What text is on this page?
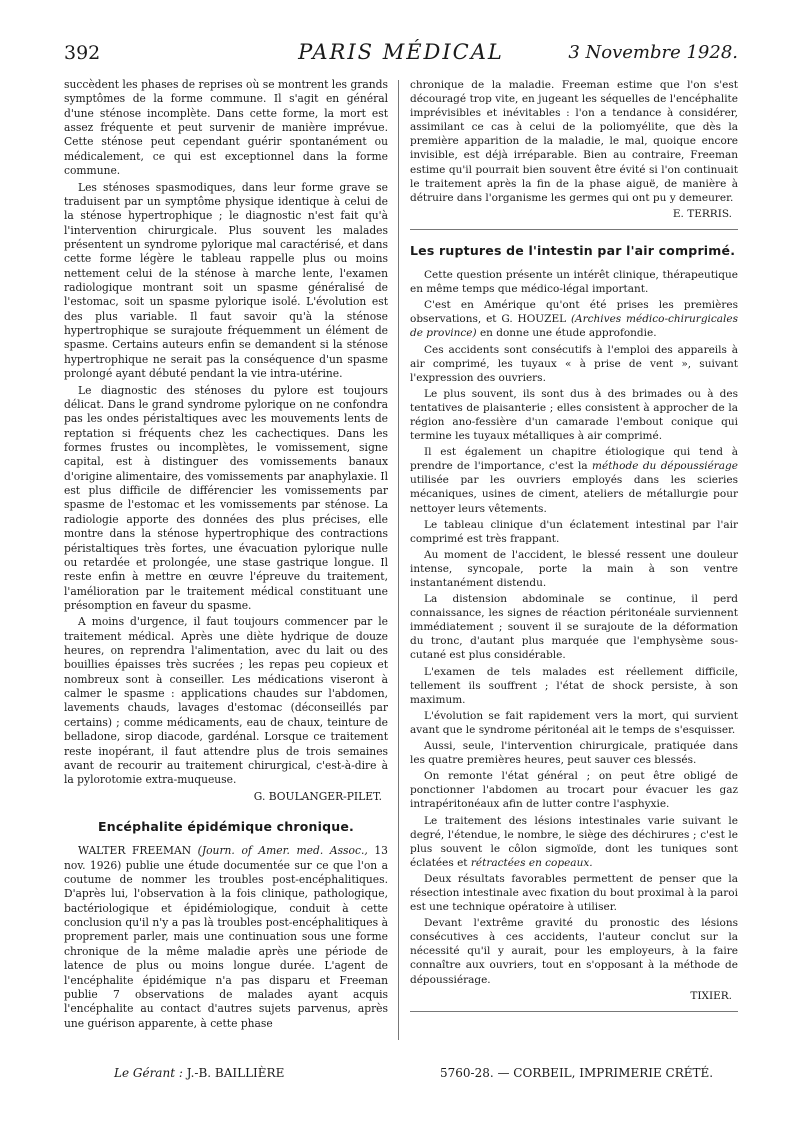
392	PARIS MÉDICAL	3 Novembre 1928.

succèdent les phases de reprises où se montrent les grands symptômes de la forme commune. Il s'agit en général d'une sténose incomplète. Dans cette forme, la mort est assez fréquente et peut survenir de manière imprévue. Cette sténose peut cependant guérir spontanément ou médicalement, ce qui est exceptionnel dans la forme commune.

Les sténoses spasmodiques, dans leur forme grave se traduisent par un symptôme physique identique à celui de la sténose hypertrophique ; le diagnostic n'est fait qu'à l'intervention chirurgicale. Plus souvent les malades présentent un syndrome pylorique mal caractérisé, et dans cette forme légère le tableau rappelle plus ou moins nettement celui de la sténose à marche lente, l'examen radiologique montrant soit un spasme généralisé de l'estomac, soit un spasme pylorique isolé. L'évolution est des plus variable. Il faut savoir qu'à la sténose hypertrophique se surajoute fréquemment un élément de spasme. Certains auteurs enfin se demandent si la sténose hypertrophique ne serait pas la conséquence d'un spasme prolongé ayant débuté pendant la vie intra-utérine.

Le diagnostic des sténoses du pylore est toujours délicat. Dans le grand syndrome pylorique on ne confondra pas les ondes péristaltiques avec les mouvements lents de reptation si fréquents chez les cachectiques. Dans les formes frustes ou incomplètes, le vomissement, signe capital, est à distinguer des vomissements banaux d'origine alimentaire, des vomissements par anaphylaxie. Il est plus difficile de différencier les vomissements par spasme de l'estomac et les vomissements par sténose. La radiologie apporte des données des plus précises, elle montre dans la sténose hypertrophique des contractions péristaltiques très fortes, une évacuation pylorique nulle ou retardée et prolongée, une stase gastrique longue. Il reste enfin à mettre en œuvre l'épreuve du traitement, l'amélioration par le traitement médical constituant une présomption en faveur du spasme.

A moins d'urgence, il faut toujours commencer par le traitement médical. Après une diète hydrique de douze heures, on reprendra l'alimentation, avec du lait ou des bouillies épaisses très sucrées ; les repas peu copieux et nombreux sont à conseiller. Les médications viseront à calmer le spasme : applications chaudes sur l'abdomen, lavements chauds, lavages d'estomac (déconseillés par certains) ; comme médicaments, eau de chaux, teinture de belladone, sirop diacode, gardénal. Lorsque ce traitement reste inopérant, il faut attendre plus de trois semaines avant de recourir au traitement chirurgical, c'est-à-dire à la pylorotomie extra-muqueuse.

G. BOULANGER-PILET.
Encéphalite épidémique chronique.

WALTER FREEMAN (Journ. of Amer. med. Assoc., 13 nov. 1926) publie une étude documentée sur ce que l'on a coutume de nommer les troubles post-encéphalitiques. D'après lui, l'observation à la fois clinique, pathologique, bactériologique et épidémiologique, conduit à cette conclusion qu'il n'y a pas là troubles post-encéphalitiques à proprement parler, mais une continuation sous une forme chronique de la même maladie après une période de latence de plus ou moins longue durée. L'agent de l'encéphalite épidémique n'a pas disparu et Freeman publie 7 observations de malades ayant acquis l'encéphalite au contact d'autres sujets parvenus, après une guérison apparente, à cette phase

chronique de la maladie. Freeman estime que l'on s'est découragé trop vite, en jugeant les séquelles de l'encéphalite imprévisibles et inévitables : l'on a tendance à considérer, assimilant ce cas à celui de la poliomyélite, que dès la première apparition de la maladie, le mal, quoique encore invisible, est déjà irréparable. Bien au contraire, Freeman estime qu'il pourrait bien souvent être évité si l'on continuait le traitement après la fin de la phase aiguë, de manière à détruire dans l'organisme les germes qui ont pu y demeurer.

E. TERRIS.
Les ruptures de l'intestin par l'air comprimé.

Cette question présente un intérêt clinique, thérapeutique en même temps que médico-légal important.

C'est en Amérique qu'ont été prises les premières observations, et G. HOUZEL (Archives médico-chirurgicales de province) en donne une étude approfondie.

Ces accidents sont consécutifs à l'emploi des appareils à air comprimé, les tuyaux « à prise de vent », suivant l'expression des ouvriers.

Le plus souvent, ils sont dus à des brimades ou à des tentatives de plaisanterie ; elles consistent à approcher de la région ano-fessière d'un camarade l'embout conique qui termine les tuyaux métalliques à air comprimé.

Il est également un chapitre étiologique qui tend à prendre de l'importance, c'est la méthode du dépoussiérage utilisée par les ouvriers employés dans les scieries mécaniques, usines de ciment, ateliers de métallurgie pour nettoyer leurs vêtements.

Le tableau clinique d'un éclatement intestinal par l'air comprimé est très frappant.

Au moment de l'accident, le blessé ressent une douleur intense, syncopale, porte la main à son ventre instantanément distendu.

La distension abdominale se continue, il perd connaissance, les signes de réaction péritonéale surviennent immédiatement ; souvent il se surajoute de la déformation du tronc, d'autant plus marquée que l'emphysème sous-cutané est plus considérable.

L'examen de tels malades est réellement difficile, tellement ils souffrent ; l'état de shock persiste, à son maximum.

L'évolution se fait rapidement vers la mort, qui survient avant que le syndrome péritonéal ait le temps de s'esquisser.

Aussi, seule, l'intervention chirurgicale, pratiquée dans les quatre premières heures, peut sauver ces blessés.

On remonte l'état général ; on peut être obligé de ponctionner l'abdomen au trocart pour évacuer les gaz intrapéritonéaux afin de lutter contre l'asphyxie.

Le traitement des lésions intestinales varie suivant le degré, l'étendue, le nombre, le siège des déchirures ; c'est le plus souvent le côlon sigmoïde, dont les tuniques sont éclatées et rétractées en copeaux.

Deux résultats favorables permettent de penser que la résection intestinale avec fixation du bout proximal à la paroi est une technique opératoire à utiliser.

Devant l'extrême gravité du pronostic des lésions consécutives à ces accidents, l'auteur conclut sur la nécessité qu'il y aurait, pour les employeurs, à la faire connaître aux ouvriers, tout en s'opposant à la méthode de dépoussiérage.

TIXIER.
Le Gérant : J.-B. BAILLIÈRE	5760-28. — CORBEIL, IMPRIMERIE CRÉTÉ.
